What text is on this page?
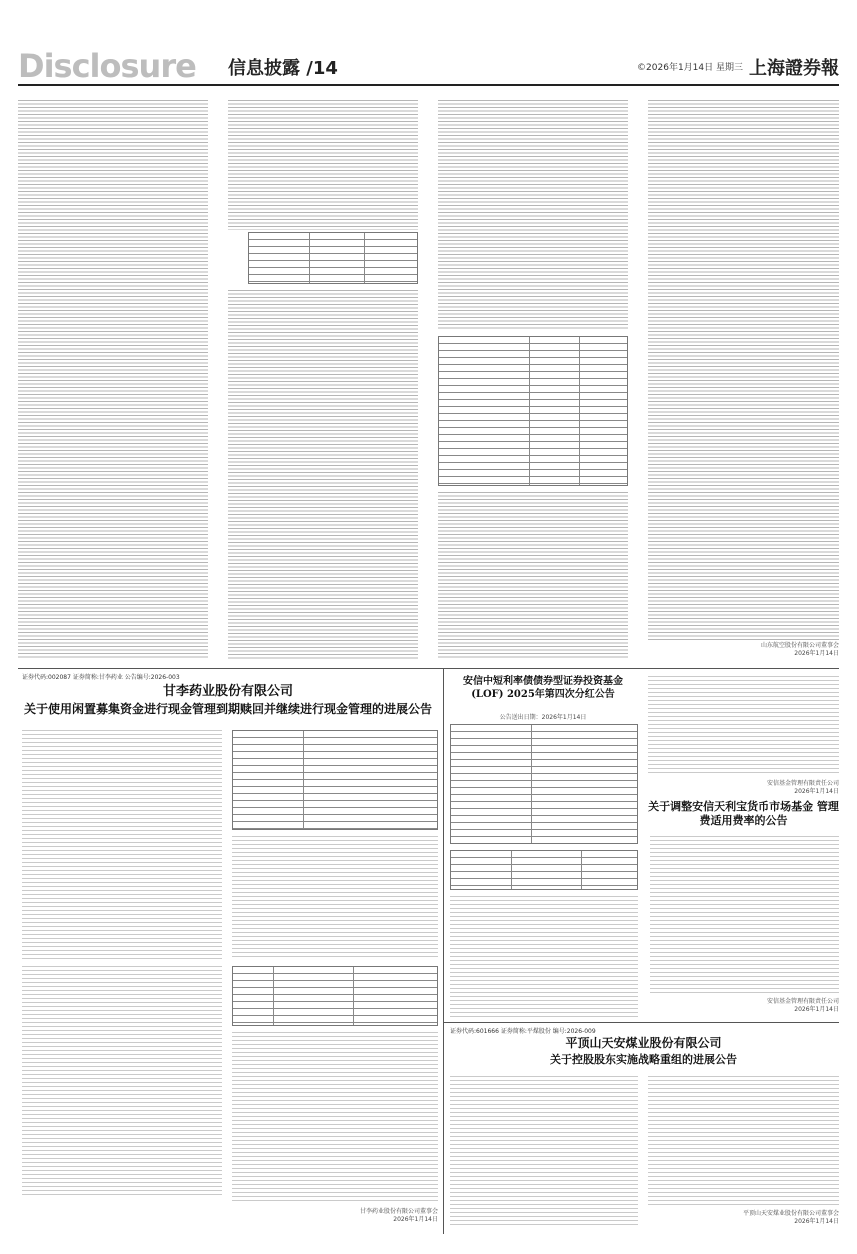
Disclosure 信息披露 /14	©2026年1月14日 星期三 上海證券報
山东航空股份有限公司董事会
2026年1月14日
证券代码:002087 证券简称:甘李药业 公告编号:2026-003
甘李药业股份有限公司
关于使用闲置募集资金进行现金管理到期赎回并继续进行现金管理的进展公告
甘李药业股份有限公司董事会
2026年1月14日
安信中短利率债债券型证券投资基金(LOF) 2025年第四次分红公告
公告送出日期：2026年1月14日
安信基金管理有限责任公司
2026年1月14日
关于调整安信天利宝货币市场基金 管理费适用费率的公告
安信基金管理有限责任公司
2026年1月14日
证券代码:601666 证券简称:平煤股份 编号:2026-009
平顶山天安煤业股份有限公司
关于控股股东实施战略重组的进展公告
平顶山天安煤业股份有限公司董事会
2026年1月14日
